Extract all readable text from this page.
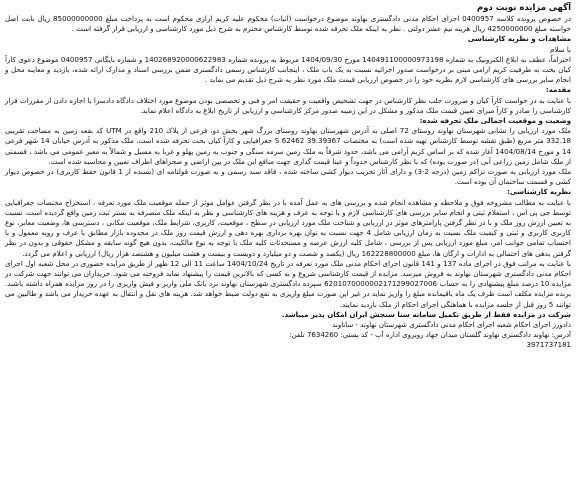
آگهی مزایده نوبت دوم

در خصوص پرونده کلاسه 0400957 اجرای احکام مدنی دادگستری نهاوند موضوع درخواست (اثبات) محکوم علیه کریم ارازی محکوم است به پرداخت مبلغ 85000000000 ریال بابت اصل خواسته مبلغ 4250000000 ریال هزینه نیم عشر دولتی . نظر به اینکه ملک تحرفه شده توسط کارشناس محترم به شرح ذیل مورد کارشناسی و ارزیابی قرار گرفته است .

مشاهدات و نظریه کارشناسی

با سلام

احتراماً، عطف به ابلاغ الکترونیک به شماره 140491100000973198 مورخ 1404/09/30 مربوط به پرونده شماره 140268920000622983 و شماره بایگانی 0400957 موضوع دعوی کارآ کیان بخت به طرفیت کریم ارامی مبنی بر درخواست صدور اجرائیه نسبت به یک باب ملک ، اینجانب کارشناس رسمی دادگستری ضمن بررسی اسناد و مدارک ارائه شده، بازدید و معاینه محل و انجام سایر بررسی های کارشناسی لازم نظریه خود را در خصوص ارزیابی قیمت ملک مورد نظر به شرح ذیل تقدیم می نماید .

مقدمه:

با عنایت به در خواست کارآ کیان و ضرورت جلب نظر کارشناس در جهت تشخیص واقعیت و حقیقت امر و فنی و تخصصی بودن موضوع مورد اختلاف دادگاه دادسرا با اجازه دادن از مقررات قرار کارشناسی را صادر و کارآ مبرای تعیین قیمت ملک مذکور و مشکل در این زمینه صدور مرکز کارشناسی و ارزیابی از تاریخ ابلاغ به دادگاه اعلام نماید.

وضعیت و موقعیت اجمالی ملک تحرفه شده:

ملک مورد ارزیابی را نشانی شهرستان نهاوند روستای 72 اصلی به آدرس شهرستان نهاوند روستای بزرگ شهر بخش دو، فرعی از پلاک 210 واقع در UTM کد بقعه زمین به مساحت تقریبی 332.18 متر مربع (طبق نقشه توسط کارشناس تهیه شده است) به مختصات 39.39367 S 62462 جغرافیایی و کارآ کیان بخت تحرفه شده است. ملک مذکور به آدرس خیابان 14 شهر فرعی 14 و مورخ 1404/08/14 آغاز شده که بر اساس کریم آرامی می باشد، حدود شرقاً به ملک زمین سرمه سنگی و جنوب به زمین پهلو و غربا به مسیل و شمالاً به معبر عمومی می باشد ، قسمتی از ملک شامل زمین زراعی آبی (در صورت بوده) که با نظر کارشناس حدوداً و عینا قیمت گذاری جهت منافع این ملک در بین اراضی و صحراهای اطراف تعیین و محاسبه شده است.

ملک مورد ارزیابی به صورت تراکم زمین (درجه 2-3) و دارای آثار تخریب دیوار کشی ساخته شده ، فاقد سند رسمی و به صورت قولنامه ای (بسنده از 1 قانون حفظ کاربری) در خصوص دیوار کشی و قسمت ساختمان آن بوده است.

نظریه کارشناسی:

با عنایت به مطالب مشروحه فوق و ملاحظه و مشاهده انجام شده و بررسی های به عمل آمده با در نظر گرفتن عوامل موثر از جمله موقعیت ملک مورد تعرفه ، استخراج مختصات جغرافیایی توسط جی پی اس ، استعلام ثبتی و انجام سایر بررسی های کارشناسی لازم و با توجه به عرف و هزینه های کارشناسی و نظر به اینکه ملک متصرفه به بستر ثبت زمین واقع گردیده است، نسبت به تعیین ارزش روز ملک و با در نظر گرفتن پارامترهای موثر در ارزیابی و شناخت ملک مورد ارزیابی در سطح ، موقعیت، کاربری، شرایط ملک، موقعیت مکانی ، دسترسی ها، وضعیت معابر، نوع کاربری کاربری و ثبتی و کیفیت ملک نسبت به زمان ارزیابی شامل 4 جهت نسبت به توان بهره برداری بهره دهی و ارزش قیمت روز ملک در محدوده بازار مطابق با عرف و رویه معمول و با احتساب تمامی جوانب امر، مبلغ مورد ارزیابی پس از بررسی ، شامل کلیه ارزش عرصه و مستحدثات کلیه ملک با توجه به نوع مالکیت، بدون هیچ گونه سابقه و مشکل حقوقی و بدون در نظر گرفتن بدهی های احتمالی به ادارات و ارگان ها، مبلغ 162228800000 ریال (یکصد و شصت و دو میلیارد و دویست و بیست و هشت میلیون و هشتصد هزار ریال) ارزیابی و اعلام می گردد.

با عنایت به مراتب فوق در اجرای ماده 137 و 141 قانون اجرای احکام مدنی ملک مورد تعرفه در تاریخ 1404/10/24 ساعت 11 الی 12 ظهر از طریق مزایده حضوری در محل شعبه اول اجرای احکام مدنی دادگستری شهرستان نهاوند به فروش میرسد. مزایده از قیمت کارشناسی شروع و به کسی که بالاترین قیمت را پیشنهاد نماید فروخته می شود. خریداران می توانند جهت شرکت در مزایده 10 درصد مبلغ پیشنهادی را به حساب 6201070000002171299027006 سپرده دادگستری شهرستان نهاوند نزد بانک ملی واریز و فیش واریزی را در روز مزایده همراه داشته باشند. برنده مزایده مکلف است ظرف یک ماه باقیمانده مبلغ را واریز نماید در غیر این صورت مبلغ واریزی به نفع دولت ضبط خواهد شد. هزینه های نقل و انتقال به عهده خریدار می باشد و طالبین می توانند 5 روز قبل از جلسه مزایده با هماهنگی اجرای احکام از ملک بازدید نمایند.

شرکت در مزایده فقط از طریق تکمیل سامانه سنا سنجش ایران امکان پذیر میباشد.

دادورز اجرای احکام شعبه اجرای احکام مدنی دادگستری شهرستان نهاوند - ساناوند

آدرس: نهاوند دادگستری نهاوند گلستان میدان جهاد روبروی اداره آب - کد پستی: 7634260 تلفن:

3971737181
